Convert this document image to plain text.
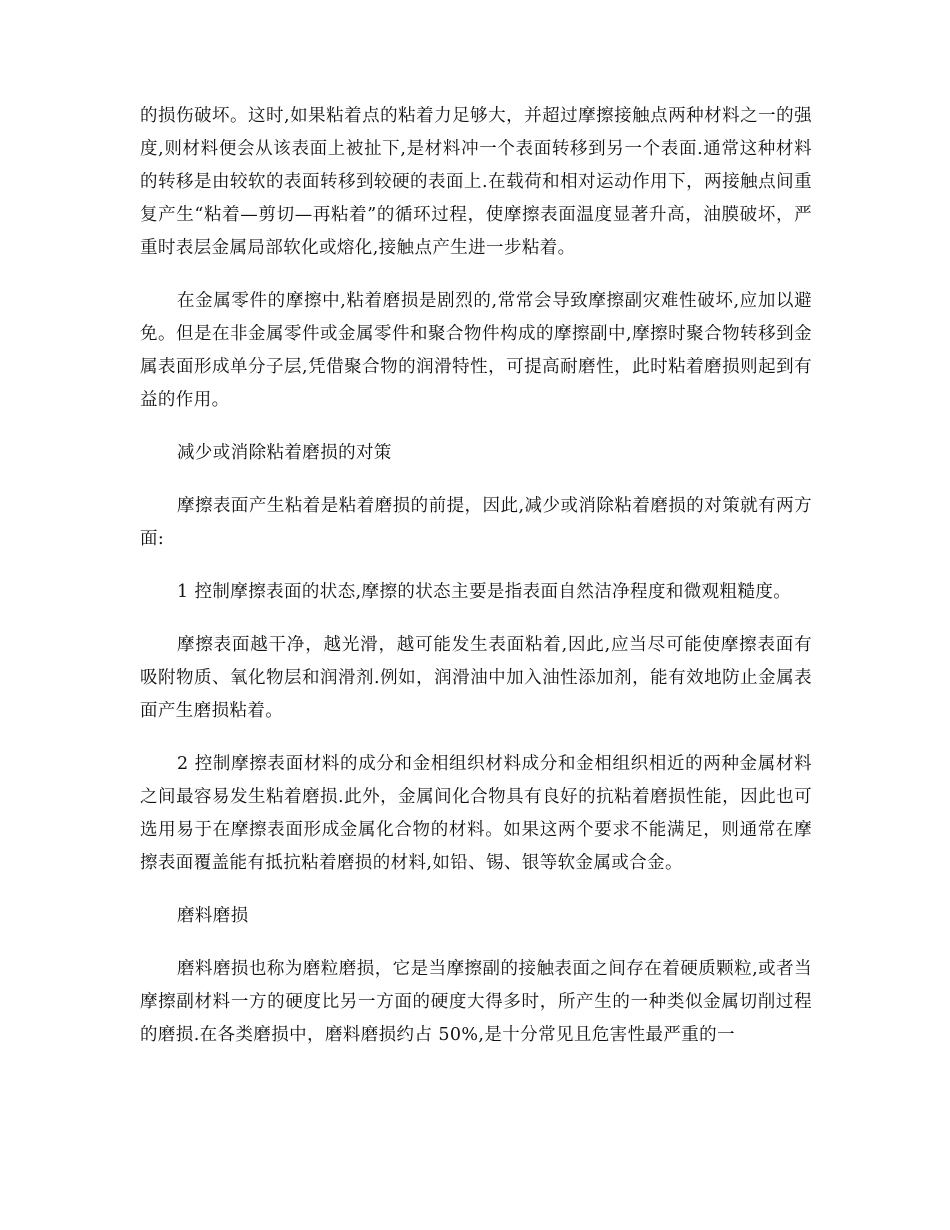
的损伤破坏。这时,如果粘着点的粘着力足够大，并超过摩擦接触点两种材料之一的强度,则材料便会从该表面上被扯下,是材料冲一个表面转移到另一个表面.通常这种材料的转移是由较软的表面转移到较硬的表面上.在载荷和相对运动作用下，两接触点间重复产生“粘着—剪切—再粘着”的循环过程，使摩擦表面温度显著升高，油膜破坏，严重时表层金属局部软化或熔化,接触点产生进一步粘着。

在金属零件的摩擦中,粘着磨损是剧烈的,常常会导致摩擦副灾难性破坏,应加以避免。但是在非金属零件或金属零件和聚合物件构成的摩擦副中,摩擦时聚合物转移到金属表面形成单分子层,凭借聚合物的润滑特性，可提高耐磨性，此时粘着磨损则起到有益的作用。

减少或消除粘着磨损的对策

摩擦表面产生粘着是粘着磨损的前提，因此,减少或消除粘着磨损的对策就有两方面:

1 控制摩擦表面的状态,摩擦的状态主要是指表面自然洁净程度和微观粗糙度。

摩擦表面越干净，越光滑，越可能发生表面粘着,因此,应当尽可能使摩擦表面有吸附物质、氧化物层和润滑剂.例如，润滑油中加入油性添加剂，能有效地防止金属表面产生磨损粘着。

2 控制摩擦表面材料的成分和金相组织材料成分和金相组织相近的两种金属材料之间最容易发生粘着磨损.此外，金属间化合物具有良好的抗粘着磨损性能，因此也可选用易于在摩擦表面形成金属化合物的材料。如果这两个要求不能满足，则通常在摩擦表面覆盖能有抵抗粘着磨损的材料,如铅、锡、银等软金属或合金。

磨料磨损

磨料磨损也称为磨粒磨损，它是当摩擦副的接触表面之间存在着硬质颗粒,或者当摩擦副材料一方的硬度比另一方面的硬度大得多时，所产生的一种类似金属切削过程的磨损.在各类磨损中，磨料磨损约占 50%,是十分常见且危害性最严重的一
